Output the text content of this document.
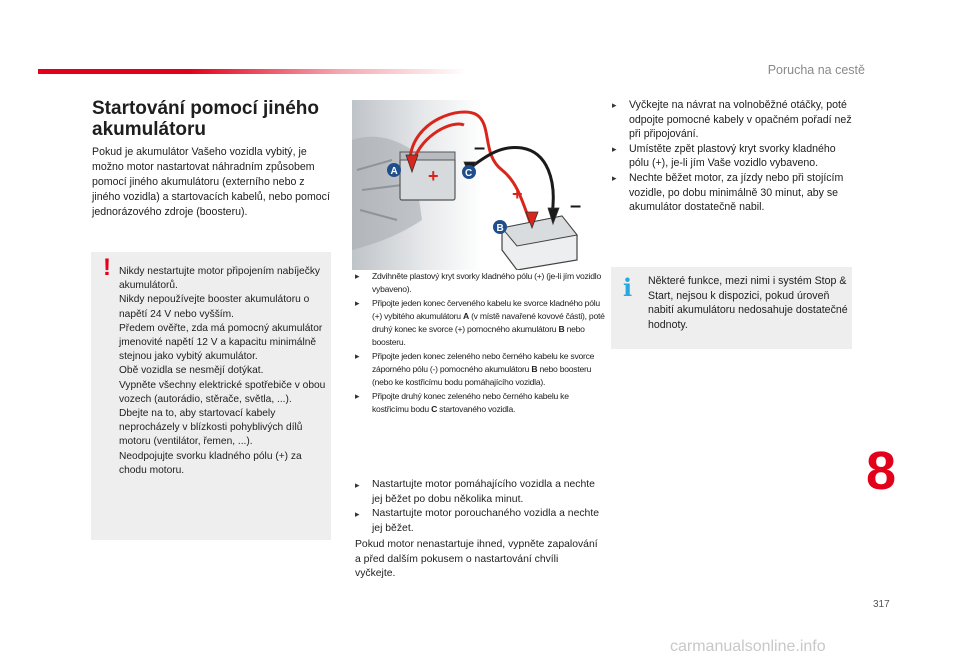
Porucha na cestě
Startování pomocí jiného akumulátoru

Pokud je akumulátor Vašeho vozidla vybitý, je možno motor nastartovat náhradním způsobem pomocí jiného akumulátoru (externího nebo z jiného vozidla) a startovacích kabelů, nebo pomocí jednorázového zdroje (boosteru).

! Nikdy nestartujte motor připojením nabíječky akumulátorů.
Nikdy nepoužívejte booster akumulátoru o napětí 24 V nebo vyšším.
Předem ověřte, zda má pomocný akumulátor jmenovité napětí 12 V a kapacitu minimálně stejnou jako vybitý akumulátor.
Obě vozidla se nesmějí dotýkat.
Vypněte všechny elektrické spotřebiče v obou vozech (autorádio, stěrače, světla, ...).
Dbejte na to, aby startovací kabely neprocházely v blízkosti pohyblivých dílů motoru (ventilátor, řemen, ...).
Neodpojujte svorku kladného pólu (+) za chodu motoru.

+
+
–
–
A	C
B
▸
Zdvihněte plastový kryt svorky kladného pólu (+) (je-li jím vozidlo vybaveno).
▸
Připojte jeden konec červeného kabelu ke svorce kladného pólu (+) vybitého akumulátoru A (v místě navařené kovové části), poté druhý konec ke svorce (+) pomocného akumulátoru B nebo boosteru.
▸
Připojte jeden konec zeleného nebo černého kabelu ke svorce záporného pólu (-) pomocného akumulátoru B nebo boosteru (nebo ke kostřicímu bodu pomáhajícího vozidla).
▸
Připojte druhý konec zeleného nebo černého kabelu ke kostřicímu bodu C startovaného vozidla.
▸
Nastartujte motor pomáhajícího vozidla a nechte jej běžet po dobu několika minut.
▸
Nastartujte motor porouchaného vozidla a nechte jej běžet.

Pokud motor nenastartuje ihned, vypněte zapalování a před dalším pokusem o nastartování chvíli vyčkejte.

▸
Vyčkejte na návrat na volnoběžné otáčky, poté odpojte pomocné kabely v opačném pořadí než při připojování.
▸
Umístěte zpět plastový kryt svorky kladného pólu (+), je-li jím Vaše vozidlo vybaveno.
▸
Nechte běžet motor, za jízdy nebo při stojícím vozidle, po dobu minimálně 30 minut, aby se akumulátor dostatečně nabil.
i Některé funkce, mezi nimi i systém Stop & Start, nejsou k dispozici, pokud úroveň nabití akumulátoru nedosahuje dostatečné hodnoty.

8
317
carmanualsonline.info
